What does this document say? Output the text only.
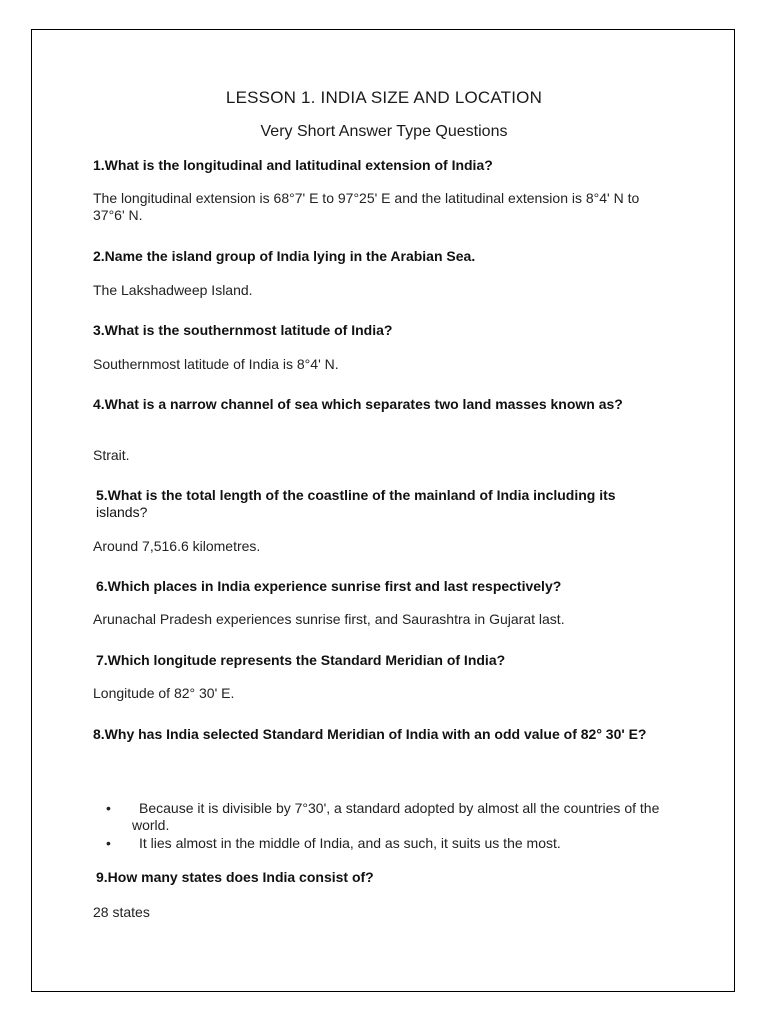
LESSON 1. INDIA SIZE AND LOCATION
Very Short Answer Type Questions
1.What is the longitudinal and latitudinal extension of India?
The longitudinal extension is 68°7' E to 97°25' E and the latitudinal extension is 8°4' N to 37°6' N.
2.Name the island group of India lying in the Arabian Sea.
The Lakshadweep Island.
3.What is the southernmost latitude of India?
Southernmost latitude of India is 8°4' N.
4.What is a narrow channel of sea which separates two land masses known as?
Strait.
5.What is the total length of the coastline of the mainland of India including its
islands?
Around 7,516.6 kilometres.
6.Which places in India experience sunrise first and last respectively?
Arunachal Pradesh experiences sunrise first, and Saurashtra in Gujarat last.
7.Which longitude represents the Standard Meridian of India?
Longitude of 82° 30' E.
8.Why has India selected Standard Meridian of India with an odd value of 82° 30' E?
•	Because it is divisible by 7°30', a standard adopted by almost all the countries of the world.
•	It lies almost in the middle of India, and as such, it suits us the most.
9.How many states does India consist of?
28 states
